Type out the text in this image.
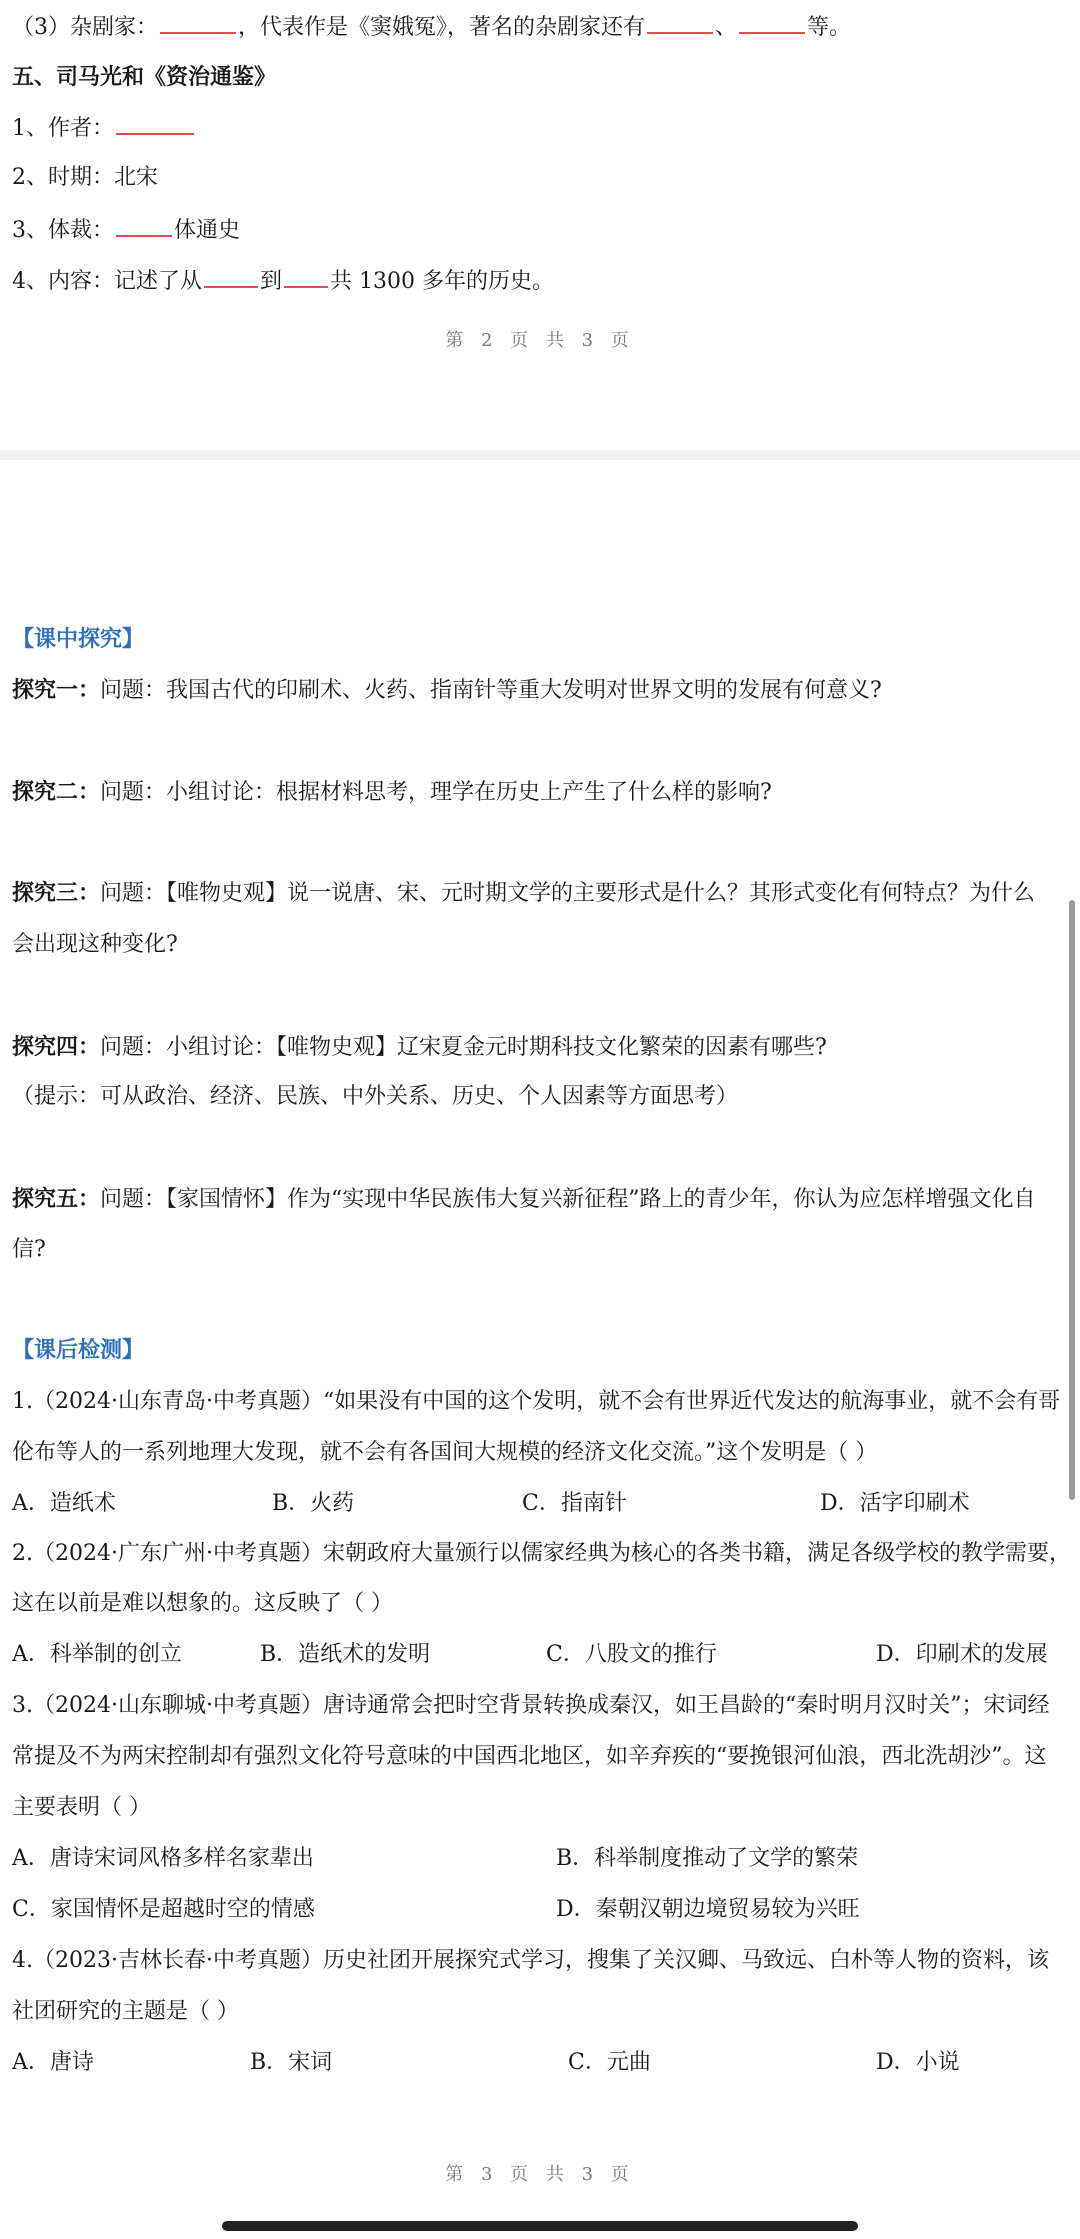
（3）杂剧家：	，代表作是《窦娥冤》，著名的杂剧家还有	、	等。
五、司马光和《资治通鉴》
1、作者：
2、时期：北宋
3、体裁：	体通史
4、内容：记述了从	到 共 1300 多年的历史。
第 2 页 共 3 页
【课中探究】
探究一：问题：我国古代的印刷术、火药、指南针等重大发明对世界文明的发展有何意义?
探究二：问题：小组讨论：根据材料思考，理学在历史上产生了什么样的影响?
探究三：问题：【唯物史观】说一说唐、宋、元时期文学的主要形式是什么？其形式变化有何特点？为什么
会出现这种变化?
探究四：问题：小组讨论：【唯物史观】辽宋夏金元时期科技文化繁荣的因素有哪些?
（提示：可从政治、经济、民族、中外关系、历史、个人因素等方面思考）
探究五：问题：【家国情怀】作为“实现中华民族伟大复兴新征程”路上的青少年，你认为应怎样增强文化自
信?
【课后检测】
1.（2024·山东青岛·中考真题）“如果没有中国的这个发明，就不会有世界近代发达的航海事业，就不会有哥
伦布等人的一系列地理大发现，就不会有各国间大规模的经济文化交流。”这个发明是（ ）
A．造纸术	B．火药	C．指南针	D．活字印刷术
2.（2024·广东广州·中考真题）宋朝政府大量颁行以儒家经典为核心的各类书籍，满足各级学校的教学需要，
这在以前是难以想象的。这反映了（ ）
A．科举制的创立	B．造纸术的发明	C．八股文的推行	D．印刷术的发展
3.（2024·山东聊城·中考真题）唐诗通常会把时空背景转换成秦汉，如王昌龄的“秦时明月汉时关”；宋词经
常提及不为两宋控制却有强烈文化符号意味的中国西北地区，如辛弃疾的“要挽银河仙浪，西北洗胡沙”。这
主要表明（ ）
A．唐诗宋词风格多样名家辈出	B．科举制度推动了文学的繁荣
C．家国情怀是超越时空的情感	D．秦朝汉朝边境贸易较为兴旺
4.（2023·吉林长春·中考真题）历史社团开展探究式学习，搜集了关汉卿、马致远、白朴等人物的资料，该
社团研究的主题是（ ）
A．唐诗	B．宋词	C．元曲	D．小说
第 3 页 共 3 页
